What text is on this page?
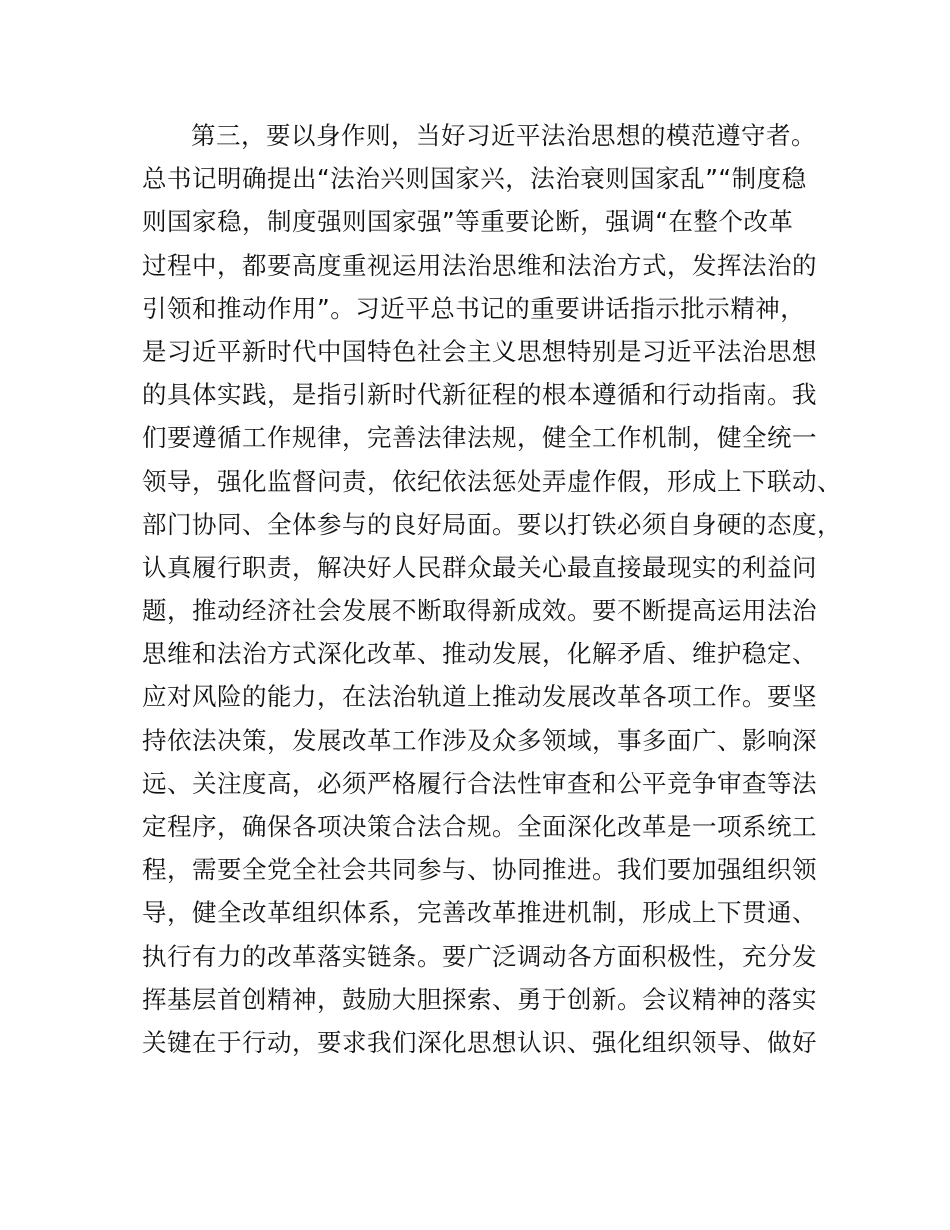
第三，要以身作则，当好习近平法治思想的模范遵守者。
总书记明确提出“法治兴则国家兴，法治衰则国家乱”“制度稳
则国家稳，制度强则国家强”等重要论断，强调“在整个改革
过程中，都要高度重视运用法治思维和法治方式，发挥法治的
引领和推动作用”。习近平总书记的重要讲话指示批示精神，
是习近平新时代中国特色社会主义思想特别是习近平法治思想
的具体实践，是指引新时代新征程的根本遵循和行动指南。我
们要遵循工作规律，完善法律法规，健全工作机制，健全统一
领导，强化监督问责，依纪依法惩处弄虚作假，形成上下联动、
部门协同、全体参与的良好局面。要以打铁必须自身硬的态度，
认真履行职责，解决好人民群众最关心最直接最现实的利益问
题，推动经济社会发展不断取得新成效。要不断提高运用法治
思维和法治方式深化改革、推动发展，化解矛盾、维护稳定、
应对风险的能力，在法治轨道上推动发展改革各项工作。要坚
持依法决策，发展改革工作涉及众多领域，事多面广、影响深
远、关注度高，必须严格履行合法性审查和公平竞争审查等法
定程序，确保各项决策合法合规。全面深化改革是一项系统工
程，需要全党全社会共同参与、协同推进。我们要加强组织领
导，健全改革组织体系，完善改革推进机制，形成上下贯通、
执行有力的改革落实链条。要广泛调动各方面积极性，充分发
挥基层首创精神，鼓励大胆探索、勇于创新。会议精神的落实
关键在于行动，要求我们深化思想认识、强化组织领导、做好
